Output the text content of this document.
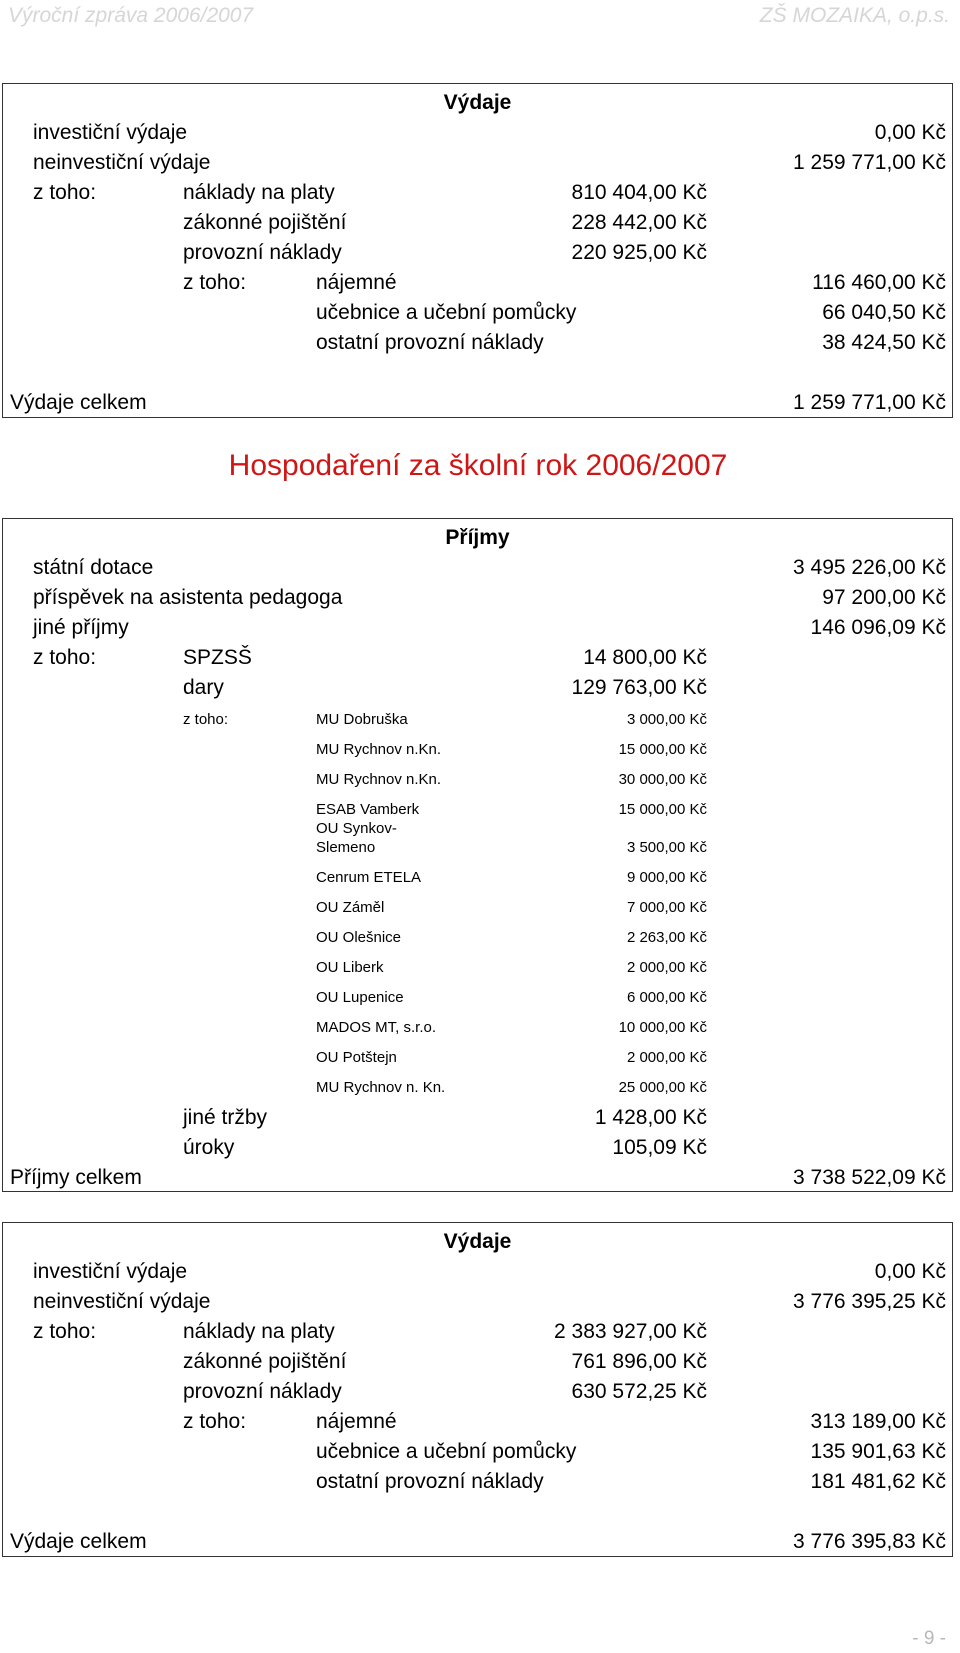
Výroční zpráva 2006/2007	ZŠ MOZAIKA, o.p.s.
Výdaje
investiční výdaje	0,00 Kč
neinvestiční výdaje	1 259 771,00 Kč
z toho:	náklady na platy	810 404,00 Kč
zákonné pojištění	228 442,00 Kč
provozní náklady	220 925,00 Kč
z toho:	nájemné	116 460,00 Kč
učebnice a učební pomůcky	66 040,50 Kč
ostatní provozní náklady	38 424,50 Kč
Výdaje celkem	1 259 771,00 Kč
Hospodaření za školní rok 2006/2007
Příjmy
státní dotace	3 495 226,00 Kč
příspěvek na asistenta pedagoga	97 200,00 Kč
jiné příjmy	146 096,09 Kč
z toho:	SPZSŠ	14 800,00 Kč
dary	129 763,00 Kč
z toho:	MU Dobruška	3 000,00 Kč
MU Rychnov n.Kn.	15 000,00 Kč
MU Rychnov n.Kn.	30 000,00 Kč
ESAB Vamberk	15 000,00 Kč
OU Synkov-
Slemeno	3 500,00 Kč
Cenrum ETELA	9 000,00 Kč
OU Záměl	7 000,00 Kč
OU Olešnice	2 263,00 Kč
OU Liberk	2 000,00 Kč
OU Lupenice	6 000,00 Kč
MADOS MT, s.r.o.	10 000,00 Kč
OU Potštejn	2 000,00 Kč
MU Rychnov n. Kn.	25 000,00 Kč
jiné tržby	1 428,00 Kč
úroky	105,09 Kč
Příjmy celkem	3 738 522,09 Kč
Výdaje
investiční výdaje	0,00 Kč
neinvestiční výdaje	3 776 395,25 Kč
z toho:	náklady na platy	2 383 927,00 Kč
zákonné pojištění	761 896,00 Kč
provozní náklady	630 572,25 Kč
z toho:	nájemné	313 189,00 Kč
učebnice a učební pomůcky	135 901,63 Kč
ostatní provozní náklady	181 481,62 Kč
Výdaje celkem	3 776 395,83 Kč
- 9 -
